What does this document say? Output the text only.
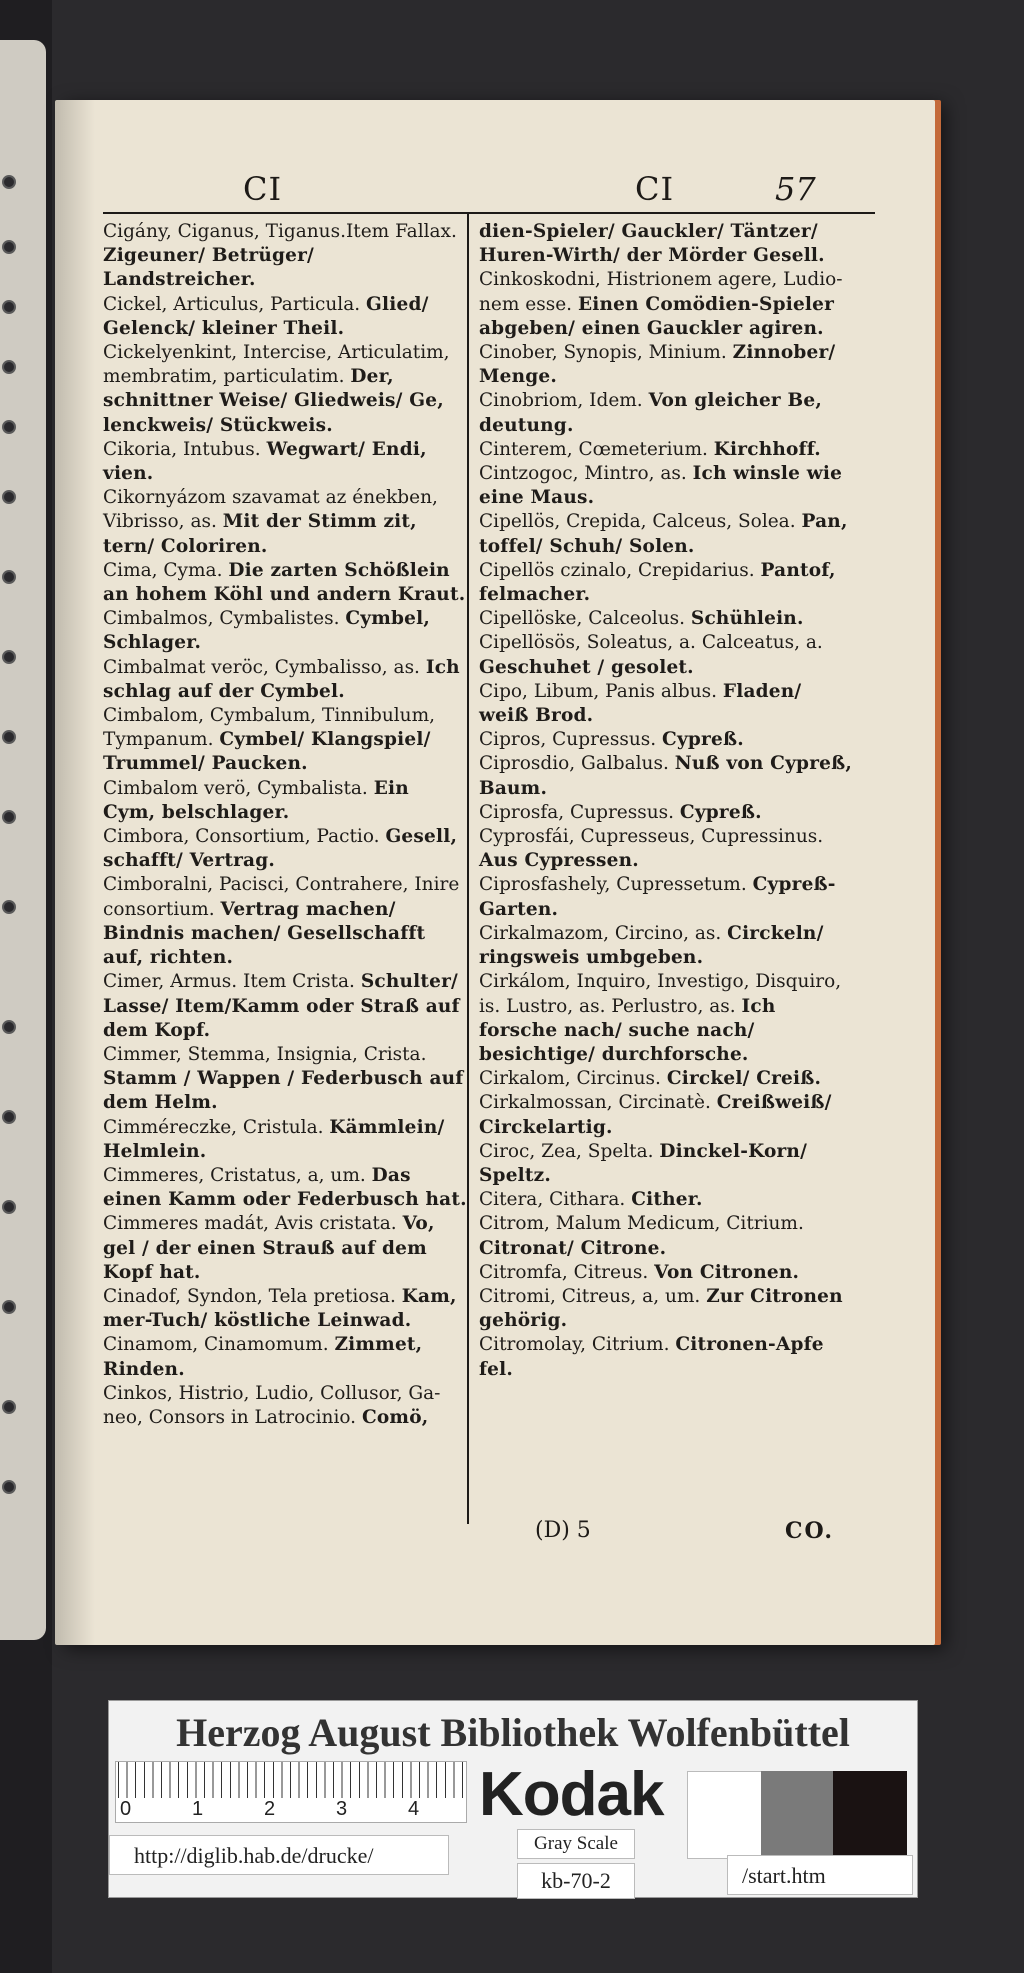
CI	CI	57
Cigány, Ciganus, Tiganus.Item Fallax. Zigeuner/ Betrüger/ Landstreicher.
Cickel, Articulus, Particula. Glied/ Gelenck/ kleiner Theil.
Cickelyenkint, Intercise, Articulatim, membratim, particulatim. Der, schnittner Weise/ Gliedweis/ Ge, lenckweis/ Stückweis.
Cikoria, Intubus. Wegwart/ Endi, vien.
Cikornyázom szavamat az énekben, Vibrisso, as. Mit der Stimm zit, tern/ Coloriren.
Cima, Cyma. Die zarten Schößlein an hohem Köhl und andern Kraut.
Cimbalmos, Cymbalistes. Cymbel, Schlager.
Cimbalmat veröc, Cymbalisso, as. Ich schlag auf der Cymbel.
Cimbalom, Cymbalum, Tinnibulum, Tympanum. Cymbel/ Klangspiel/ Trummel/ Paucken.
Cimbalom verö, Cymbalista. Ein Cym, belschlager.
Cimbora, Consortium, Pactio. Gesell, schafft/ Vertrag.
Cimboralni, Pacisci, Contrahere, Inire consortium. Vertrag machen/ Bindnis machen/ Gesellschafft auf, richten.
Cimer, Armus. Item Crista. Schulter/ Lasse/ Item/Kamm oder Straß auf dem Kopf.
Cimmer, Stemma, Insignia, Crista. Stamm / Wappen / Federbusch auf dem Helm.
Cimméreczke, Cristula. Kämmlein/ Helmlein.
Cimmeres, Cristatus, a, um. Das einen Kamm oder Federbusch hat.
Cimmeres madát, Avis cristata. Vo, gel / der einen Strauß auf dem Kopf hat.
Cinadof, Syndon, Tela pretiosa. Kam, mer-Tuch/ köstliche Leinwad.
Cinamom, Cinamomum. Zimmet, Rinden.
Cinkos, Histrio, Ludio, Collusor, Ga- neo, Consors in Latrocinio. Comö,
dien-Spieler/ Gauckler/ Täntzer/ Huren-Wirth/ der Mörder Gesell.
Cinkoskodni, Histrionem agere, Ludio- nem esse. Einen Comödien-Spieler abgeben/ einen Gauckler agiren.
Cinober, Synopis, Minium. Zinnober/ Menge.
Cinobriom, Idem. Von gleicher Be, deutung.
Cinterem, Cœmeterium. Kirchhoff.
Cintzogoc, Mintro, as. Ich winsle wie eine Maus.
Cipellös, Crepida, Calceus, Solea. Pan, toffel/ Schuh/ Solen.
Cipellös czinalo, Crepidarius. Pantof, felmacher.
Cipellöske, Calceolus. Schühlein.
Cipellösös, Soleatus, a. Calceatus, a. Geschuhet / gesolet.
Cipo, Libum, Panis albus. Fladen/ weiß Brod.
Cipros, Cupressus. Cypreß.
Ciprosdio, Galbalus. Nuß von Cypreß, Baum.
Ciprosfa, Cupressus. Cypreß.
Cyprosfái, Cupresseus, Cupressinus. Aus Cypressen.
Ciprosfashely, Cupressetum. Cypreß- Garten.
Cirkalmazom, Circino, as. Circkeln/ ringsweis umbgeben.
Cirkálom, Inquiro, Investigo, Disquiro, is. Lustro, as. Perlustro, as. Ich forsche nach/ suche nach/ besichtige/ durchforsche.
Cirkalom, Circinus. Circkel/ Creiß.
Cirkalmossan, Circinatè. Creißweiß/ Circkelartig.
Ciroc, Zea, Spelta. Dinckel-Korn/ Speltz.
Citera, Cithara. Cither.
Citrom, Malum Medicum, Citrium. Citronat/ Citrone.
Citromfa, Citreus. Von Citronen.
Citromi, Citreus, a, um. Zur Citronen gehörig.
Citromolay, Citrium. Citronen-Apfe fel.
(D) 5	CO.
Herzog August Bibliothek Wolfenbüttel
0	1	2	3	4 Kodak
Gray Scale
http://diglib.hab.de/drucke/
kb-70-2	/start.htm
